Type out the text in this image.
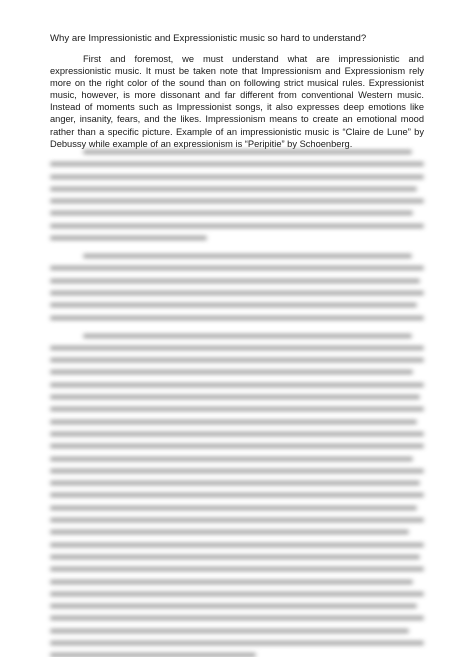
Why are Impressionistic and Expressionistic music so hard to understand?

First and foremost, we must understand what are impressionistic and expressionistic music. It must be taken note that Impressionism and Expressionism rely more on the right color of the sound than on following strict musical rules. Expressionist music, however, is more dissonant and far different from conventional Western music. Instead of moments such as Impressionist songs, it also expresses deep emotions like anger, insanity, fears, and the likes. Impressionism means to create an emotional mood rather than a specific picture. Example of an impressionistic music is “Claire de Lune” by Debussy while example of an expressionism is “Peripitie” by Schoenberg.
